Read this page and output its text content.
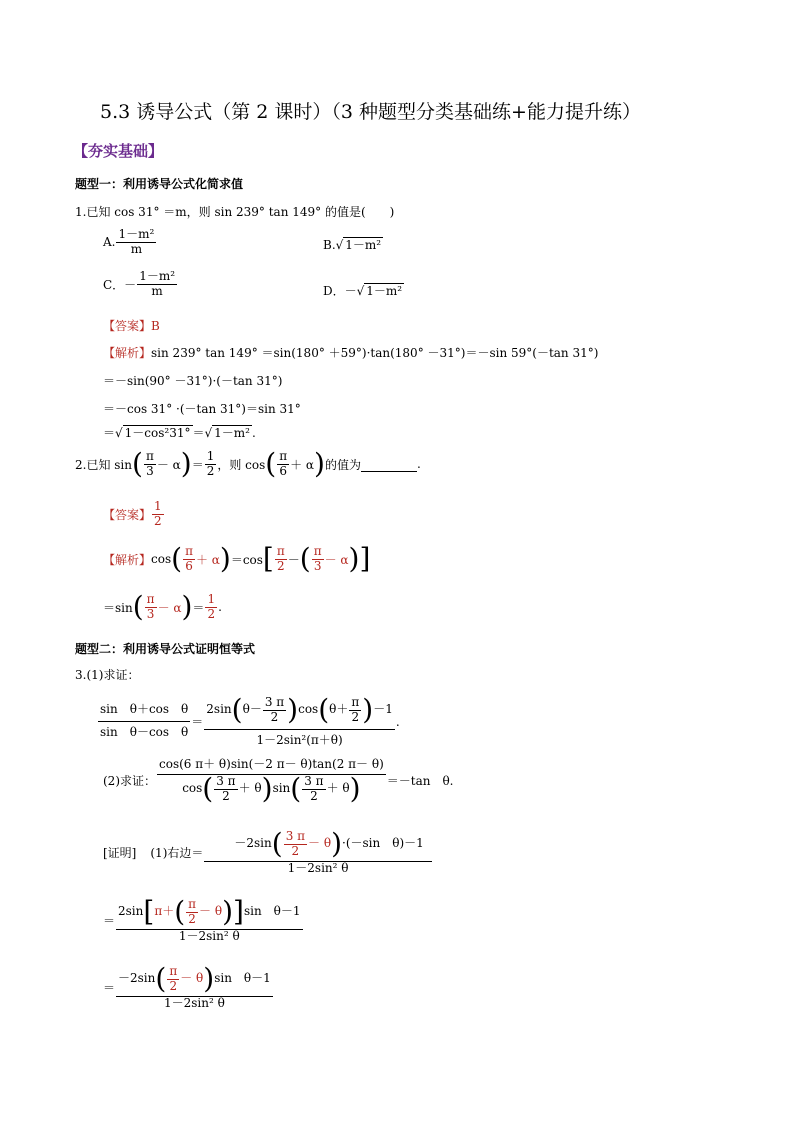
5.3 诱导公式（第 2 课时）（3 种题型分类基础练+能力提升练）
【夯实基础】
题型一：利用诱导公式化简求值
1.已知 cos 31° ＝m，则 sin 239° tan 149° 的值是(　　)
A. $\frac{\text{1－m²}}{m}$	B. √ 1－m²
C．－ $\frac{\text{1－m²}}{m}$	D．－ √ 1－m²
【答案】B
【解析】sin 239° tan 149° ＝sin(180° ＋59°)·tan(180° －31°)＝－sin 59°(－tan 31°)
＝－sin(90° －31°)·(－tan 31°)
＝－cos 31° ·(－tan 31°)＝sin 31°
＝ √ 1－cos²31° ＝ √ 1－m² .
2.已知 sin ( $\frac{\pi}{3} - \alpha$ ) ＝ $\frac{1}{2}$ ，则 cos ( $\frac{\pi}{6} + \alpha$ ) 的值为	.
【答案】 $\frac{1}{2}$
【解析】 cos ( $\frac{\pi}{6} + \alpha$ ) ＝cos [ $\frac{\pi}{2}$ － ( $\frac{\pi}{3} - \alpha$ ) ]
＝sin ( $\frac{\pi}{3} - \alpha$ ) ＝ $\frac{1}{2}$ .
题型二：利用诱导公式证明恒等式
3.(1)求证：
$\frac{\text{sin　θ＋cos　θ}}{\text{sin　θ－cos　θ}}$ ＝
2sin ( $\theta- \frac{3 \pi}{2}$ ) cos ( $\theta+ \frac{\pi}{2}$ ) －1
1－2sin²(π＋θ)
.
(2)求证：
cos(6 π＋ θ)sin(－2 π－ θ)tan(2 π－ θ)
cos ( $\frac{3 \pi}{2} + \theta$ ) sin ( $\frac{3 \pi}{2} + \theta$ ) ＝－tan　θ.
[证明] (1)右边＝ $\frac{-2\sin ( \frac{3 \pi}{2} - \theta ) \cdot(-\sin \theta)-1}{\text{1－2sin² θ}}$
＝
2sin [ π＋ ( $\frac{\pi}{2} - \theta$ ) ] sin　θ－1
1－2sin² θ
＝ $\frac{-2\sin ( \frac{\pi}{2} - \theta ) \sin \theta-1}{\text{1－2sin² θ}}$
